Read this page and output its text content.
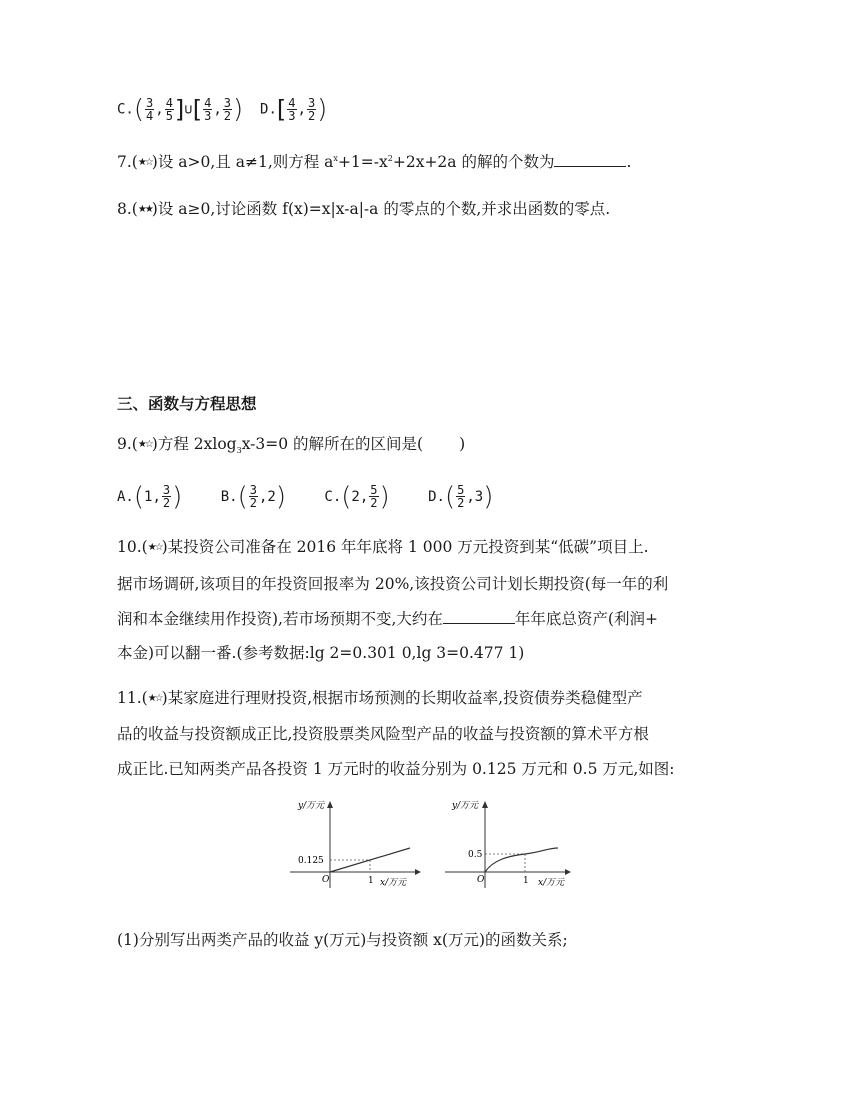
$C.( \frac{3}{4}$ , $\frac{4}{5}$ ]∪[ $\frac{4}{3}$ , $\frac{3}{2}$ ) $D.[ \frac{4}{3}$ , $\frac{3}{2}$ )
7.(★☆)设 a>0,且 a≠1,则方程 $a^x+1=-x^2+2x+2a$ 的解的个数为	.
8.(★★)设 a≥0,讨论函数 f(x)=x|x-a|-a 的零点的个数,并求出函数的零点.
三、函数与方程思想
9.(★☆)方程 2xlog$_3$x-3=0 的解所在的区间是( )
A.(1, $\frac{3}{2}$ )	$B.( \frac{3}{2} ,2)$	C.(2, $\frac{5}{2}$ )	$D.( \frac{5}{2} ,3)$
10.(★☆)某投资公司准备在 2016 年年底将 1 000 万元投资到某“低碳”项目上.
据市场调研,该项目的年投资回报率为 20%,该投资公司计划长期投资(每一年的利
润和本金继续用作投资),若市场预期不变,大约在	年年底总资产(利润+
本金)可以翻一番.(参考数据:lg 2=0.301 0,lg 3=0.477 1)
11.(★☆)某家庭进行理财投资,根据市场预测的长期收益率,投资债券类稳健型产
品的收益与投资额成正比,投资股票类风险型产品的收益与投资额的算术平方根
成正比.已知两类产品各投资 1 万元时的收益分别为 0.125 万元和 0.5 万元,如图:
y/万元
O
0.125
1 x/万元
y/万元
O
0.5
1 x/万元
(1)分别写出两类产品的收益 y(万元)与投资额 x(万元)的函数关系;
